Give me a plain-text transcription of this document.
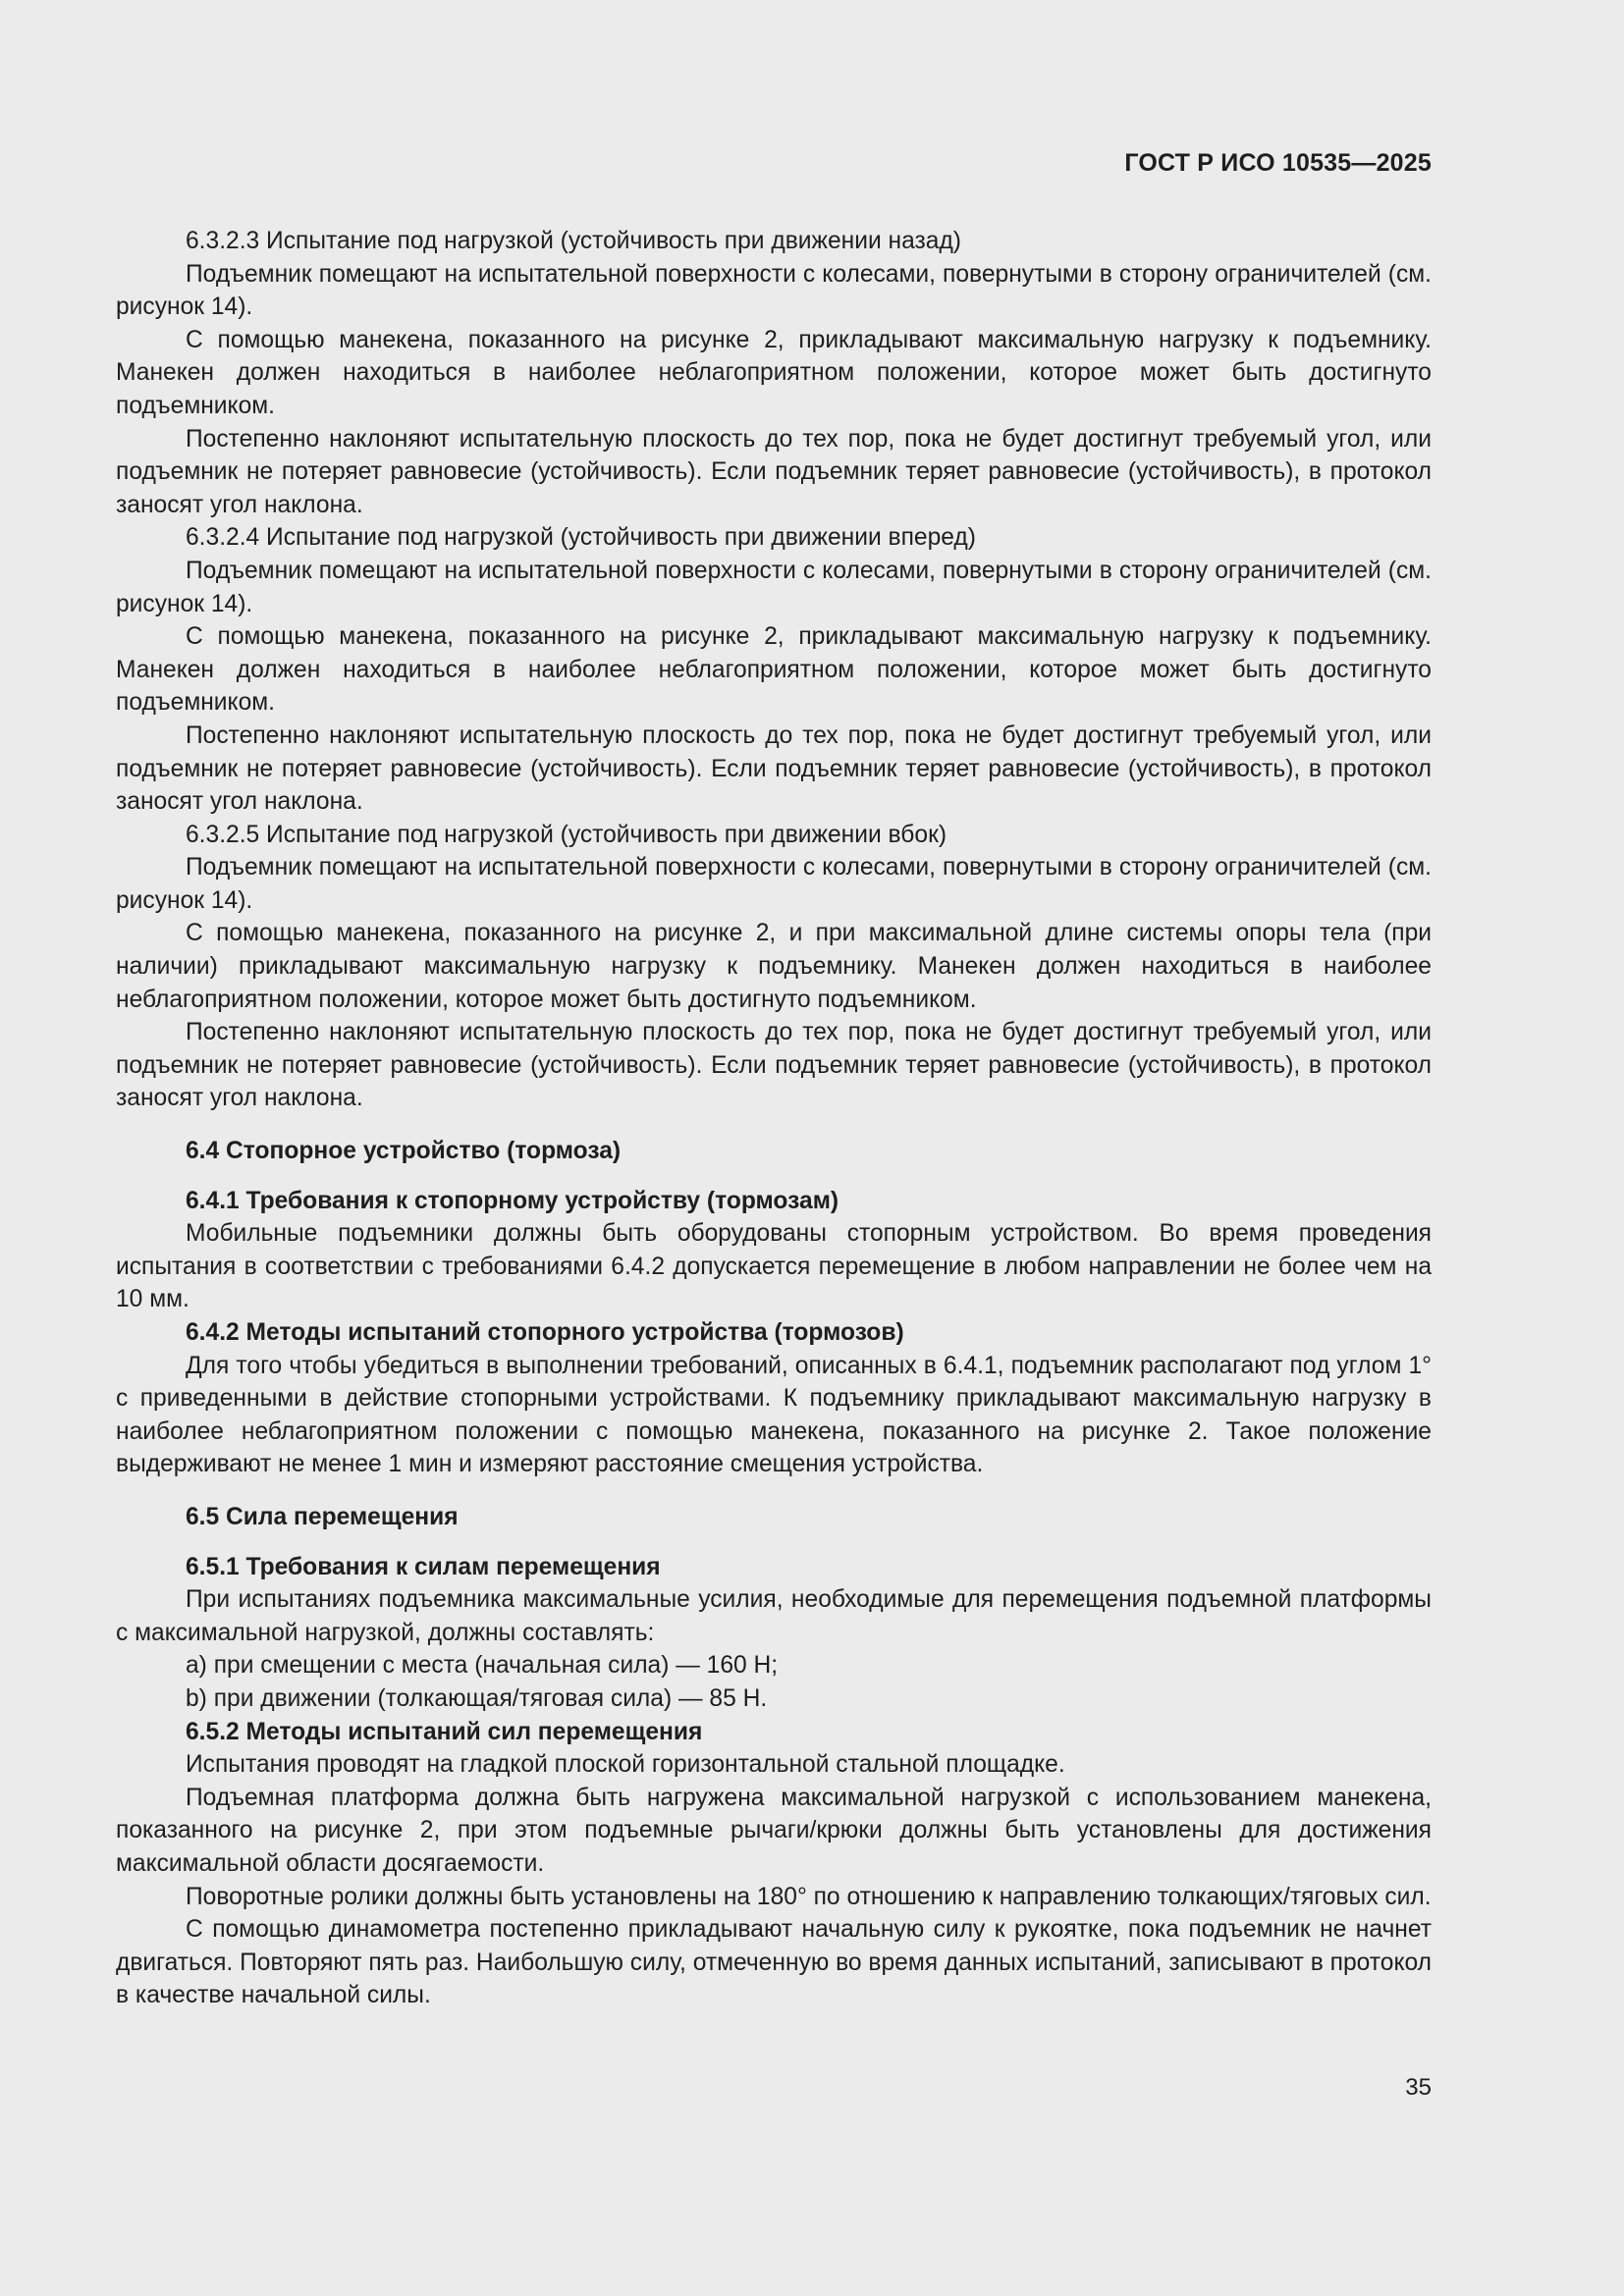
ГОСТ Р ИСО 10535—2025

6.3.2.3 Испытание под нагрузкой (устойчивость при движении назад)

Подъемник помещают на испытательной поверхности с колесами, повернутыми в сторону ограничителей (см. рисунок 14).

С помощью манекена, показанного на рисунке 2, прикладывают максимальную нагрузку к подъемнику. Манекен должен находиться в наиболее неблагоприятном положении, которое может быть достигнуто подъемником.

Постепенно наклоняют испытательную плоскость до тех пор, пока не будет достигнут требуемый угол, или подъемник не потеряет равновесие (устойчивость). Если подъемник теряет равновесие (устойчивость), в протокол заносят угол наклона.

6.3.2.4 Испытание под нагрузкой (устойчивость при движении вперед)

Подъемник помещают на испытательной поверхности с колесами, повернутыми в сторону ограничителей (см. рисунок 14).

С помощью манекена, показанного на рисунке 2, прикладывают максимальную нагрузку к подъемнику. Манекен должен находиться в наиболее неблагоприятном положении, которое может быть достигнуто подъемником.

Постепенно наклоняют испытательную плоскость до тех пор, пока не будет достигнут требуемый угол, или подъемник не потеряет равновесие (устойчивость). Если подъемник теряет равновесие (устойчивость), в протокол заносят угол наклона.

6.3.2.5 Испытание под нагрузкой (устойчивость при движении вбок)

Подъемник помещают на испытательной поверхности с колесами, повернутыми в сторону ограничителей (см. рисунок 14).

С помощью манекена, показанного на рисунке 2, и при максимальной длине системы опоры тела (при наличии) прикладывают максимальную нагрузку к подъемнику. Манекен должен находиться в наиболее неблагоприятном положении, которое может быть достигнуто подъемником.

Постепенно наклоняют испытательную плоскость до тех пор, пока не будет достигнут требуемый угол, или подъемник не потеряет равновесие (устойчивость). Если подъемник теряет равновесие (устойчивость), в протокол заносят угол наклона.

6.4 Стопорное устройство (тормоза)

6.4.1 Требования к стопорному устройству (тормозам)

Мобильные подъемники должны быть оборудованы стопорным устройством. Во время проведения испытания в соответствии с требованиями 6.4.2 допускается перемещение в любом направлении не более чем на 10 мм.

6.4.2 Методы испытаний стопорного устройства (тормозов)

Для того чтобы убедиться в выполнении требований, описанных в 6.4.1, подъемник располагают под углом 1° с приведенными в действие стопорными устройствами. К подъемнику прикладывают максимальную нагрузку в наиболее неблагоприятном положении с помощью манекена, показанного на рисунке 2. Такое положение выдерживают не менее 1 мин и измеряют расстояние смещения устройства.

6.5 Сила перемещения

6.5.1 Требования к силам перемещения

При испытаниях подъемника максимальные усилия, необходимые для перемещения подъемной платформы с максимальной нагрузкой, должны составлять:

a) при смещении с места (начальная сила) — 160 Н;

b) при движении (толкающая/тяговая сила) — 85 Н.

6.5.2 Методы испытаний сил перемещения

Испытания проводят на гладкой плоской горизонтальной стальной площадке.

Подъемная платформа должна быть нагружена максимальной нагрузкой с использованием манекена, показанного на рисунке 2, при этом подъемные рычаги/крюки должны быть установлены для достижения максимальной области досягаемости.

Поворотные ролики должны быть установлены на 180° по отношению к направлению толкающих/тяговых сил.

С помощью динамометра постепенно прикладывают начальную силу к рукоятке, пока подъемник не начнет двигаться. Повторяют пять раз. Наибольшую силу, отмеченную во время данных испытаний, записывают в протокол в качестве начальной силы.

35
